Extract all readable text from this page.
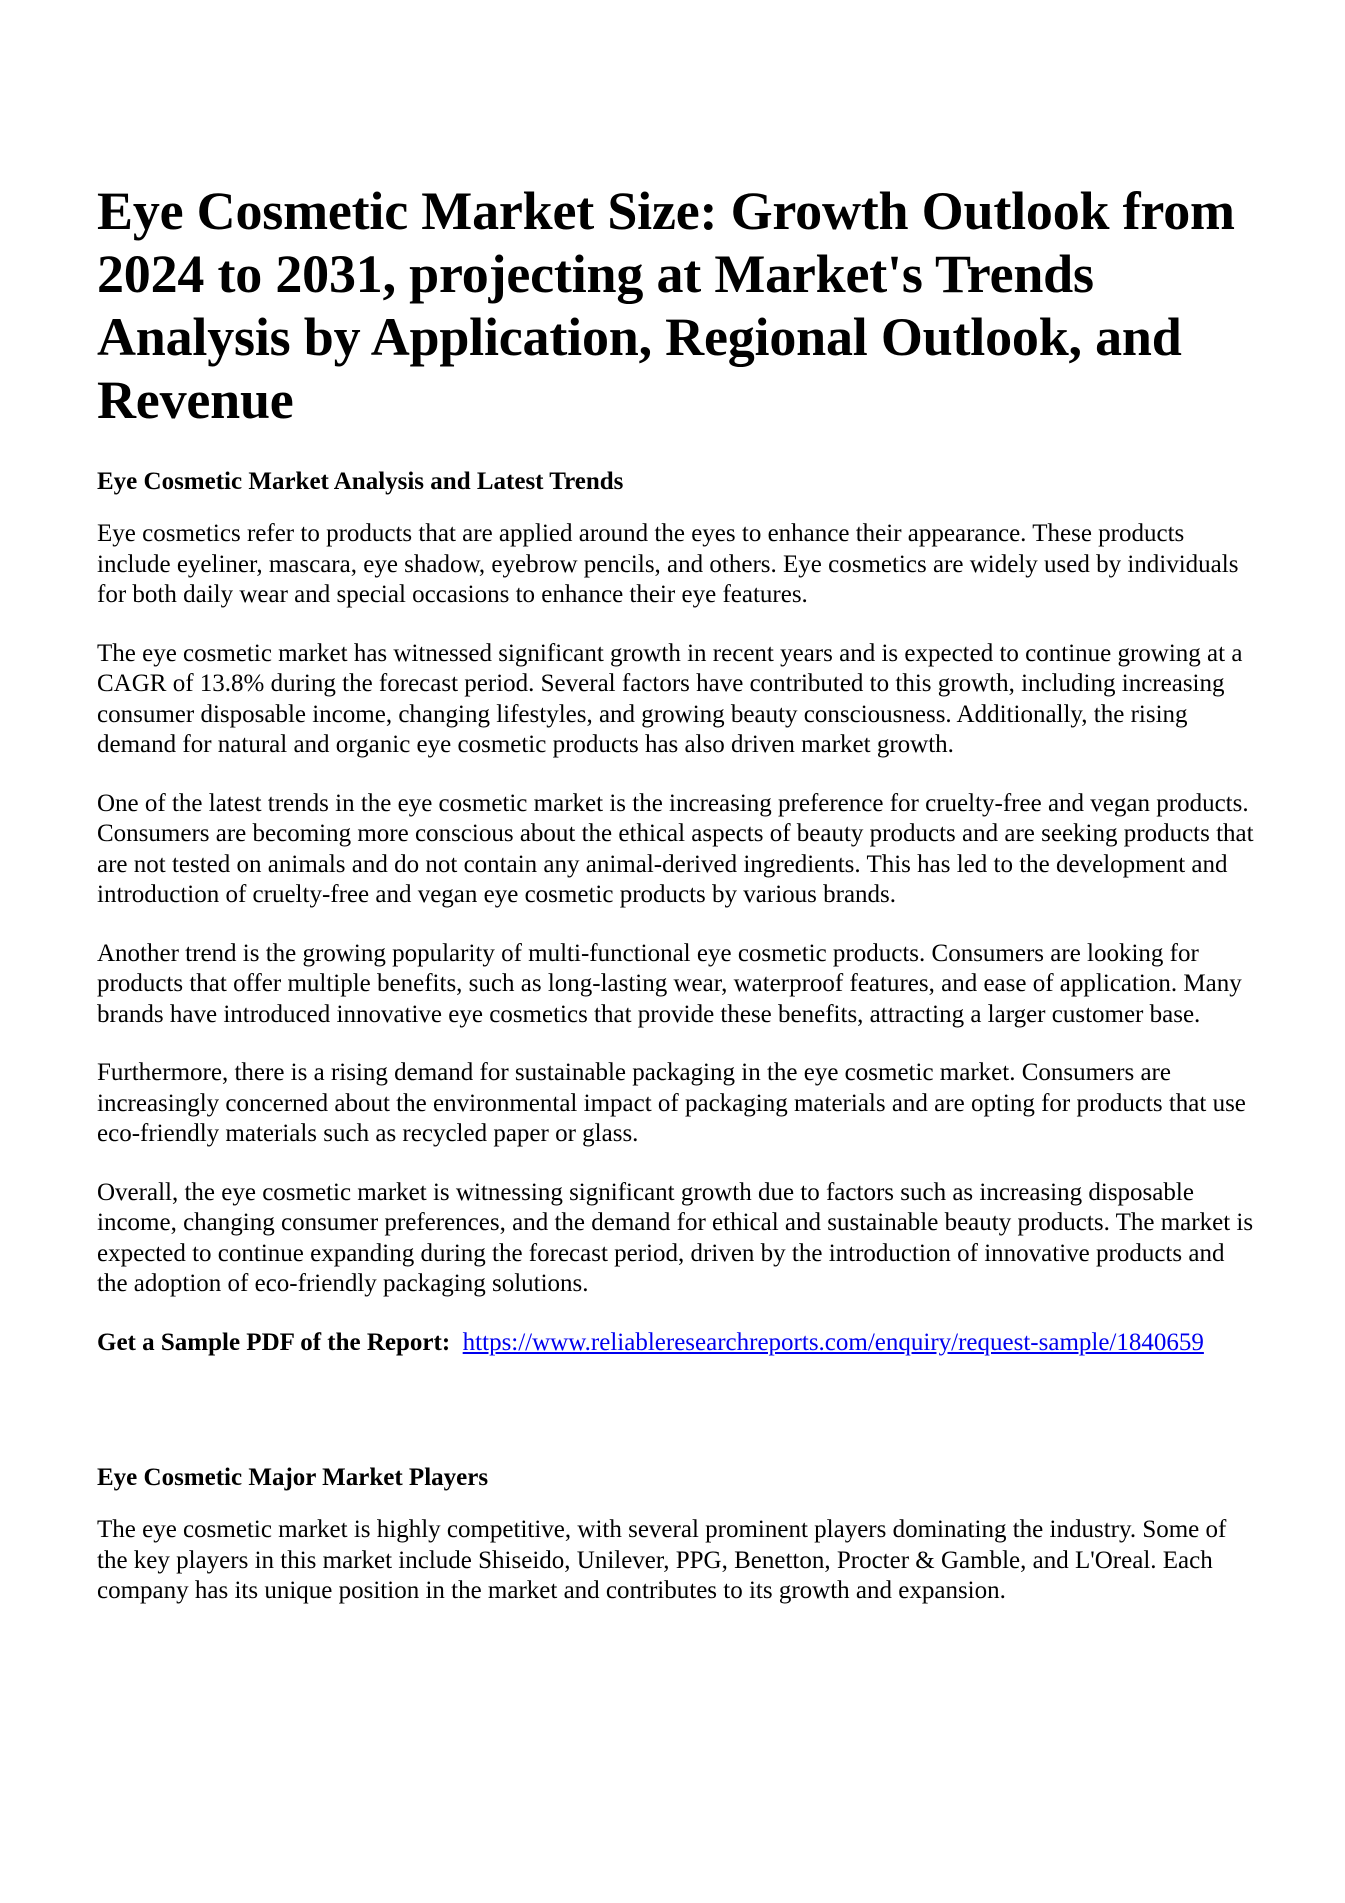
Eye Cosmetic Market Size: Growth Outlook from 2024 to 2031, projecting at Market's Trends Analysis by Application, Regional Outlook, and Revenue
Eye Cosmetic Market Analysis and Latest Trends

Eye cosmetics refer to products that are applied around the eyes to enhance their appearance. These products include eyeliner, mascara, eye shadow, eyebrow pencils, and others. Eye cosmetics are widely used by individuals for both daily wear and special occasions to enhance their eye features.

The eye cosmetic market has witnessed significant growth in recent years and is expected to continue growing at a CAGR of 13.8% during the forecast period. Several factors have contributed to this growth, including increasing consumer disposable income, changing lifestyles, and growing beauty consciousness. Additionally, the rising demand for natural and organic eye cosmetic products has also driven market growth.

One of the latest trends in the eye cosmetic market is the increasing preference for cruelty-free and vegan products. Consumers are becoming more conscious about the ethical aspects of beauty products and are seeking products that are not tested on animals and do not contain any animal-derived ingredients. This has led to the development and introduction of cruelty-free and vegan eye cosmetic products by various brands.

Another trend is the growing popularity of multi-functional eye cosmetic products. Consumers are looking for products that offer multiple benefits, such as long-lasting wear, waterproof features, and ease of application. Many brands have introduced innovative eye cosmetics that provide these benefits, attracting a larger customer base.

Furthermore, there is a rising demand for sustainable packaging in the eye cosmetic market. Consumers are increasingly concerned about the environmental impact of packaging materials and are opting for products that use eco-friendly materials such as recycled paper or glass.

Overall, the eye cosmetic market is witnessing significant growth due to factors such as increasing disposable income, changing consumer preferences, and the demand for ethical and sustainable beauty products. The market is expected to continue expanding during the forecast period, driven by the introduction of innovative products and the adoption of eco-friendly packaging solutions.

Get a Sample PDF of the Report: https://www.reliableresearchreports.com/enquiry/request-sample/1840659

Eye Cosmetic Major Market Players

The eye cosmetic market is highly competitive, with several prominent players dominating the industry. Some of the key players in this market include Shiseido, Unilever, PPG, Benetton, Procter & Gamble, and L'Oreal. Each company has its unique position in the market and contributes to its growth and expansion.
